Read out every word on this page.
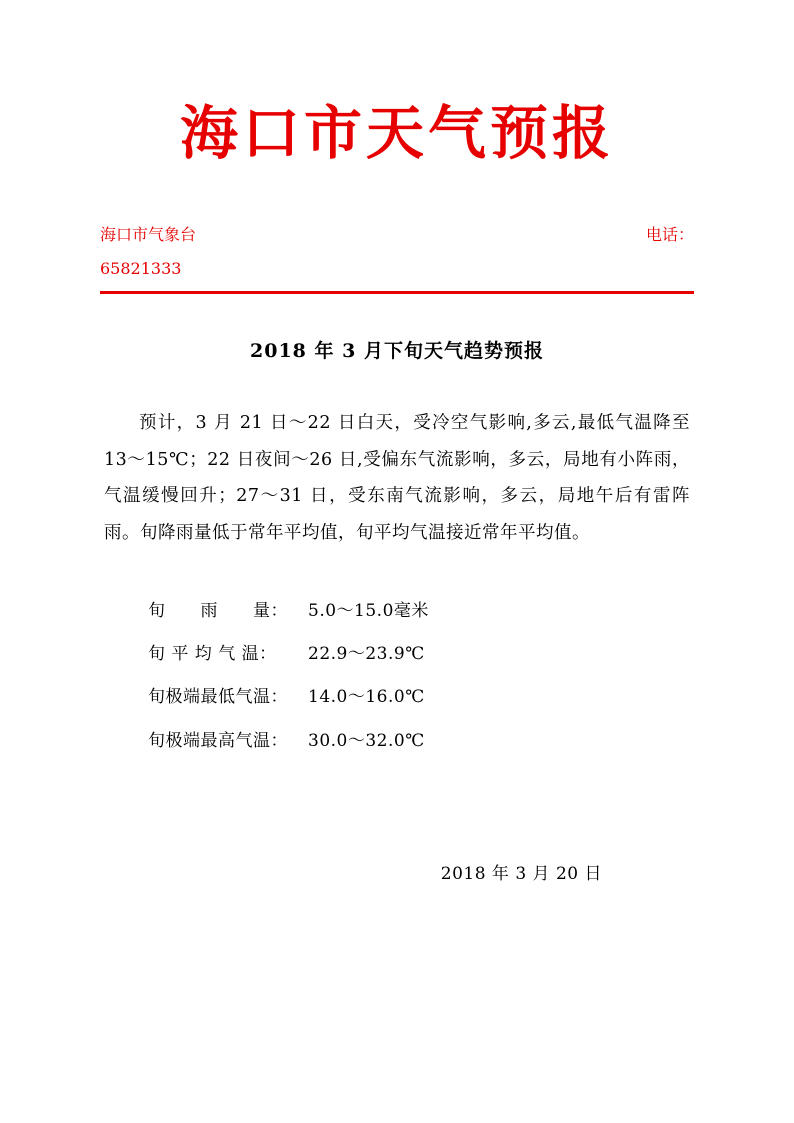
海口市天气预报
海口市气象台
65821333
电话：
2018 年 3 月下旬天气趋势预报
预计，3 月 21 日～22 日白天，受冷空气影响,多云,最低气温降至 13～15℃；22 日夜间～26 日,受偏东气流影响，多云，局地有小阵雨，气温缓慢回升；27～31 日，受东南气流影响，多云，局地午后有雷阵雨。旬降雨量低于常年平均值，旬平均气温接近常年平均值。
旬　　雨　　量：	5.0～15.0毫米
旬 平 均 气 温：	22.9～23.9℃
旬极端最低气温：	14.0～16.0℃
旬极端最高气温：	30.0～32.0℃
2018 年 3 月 20 日
